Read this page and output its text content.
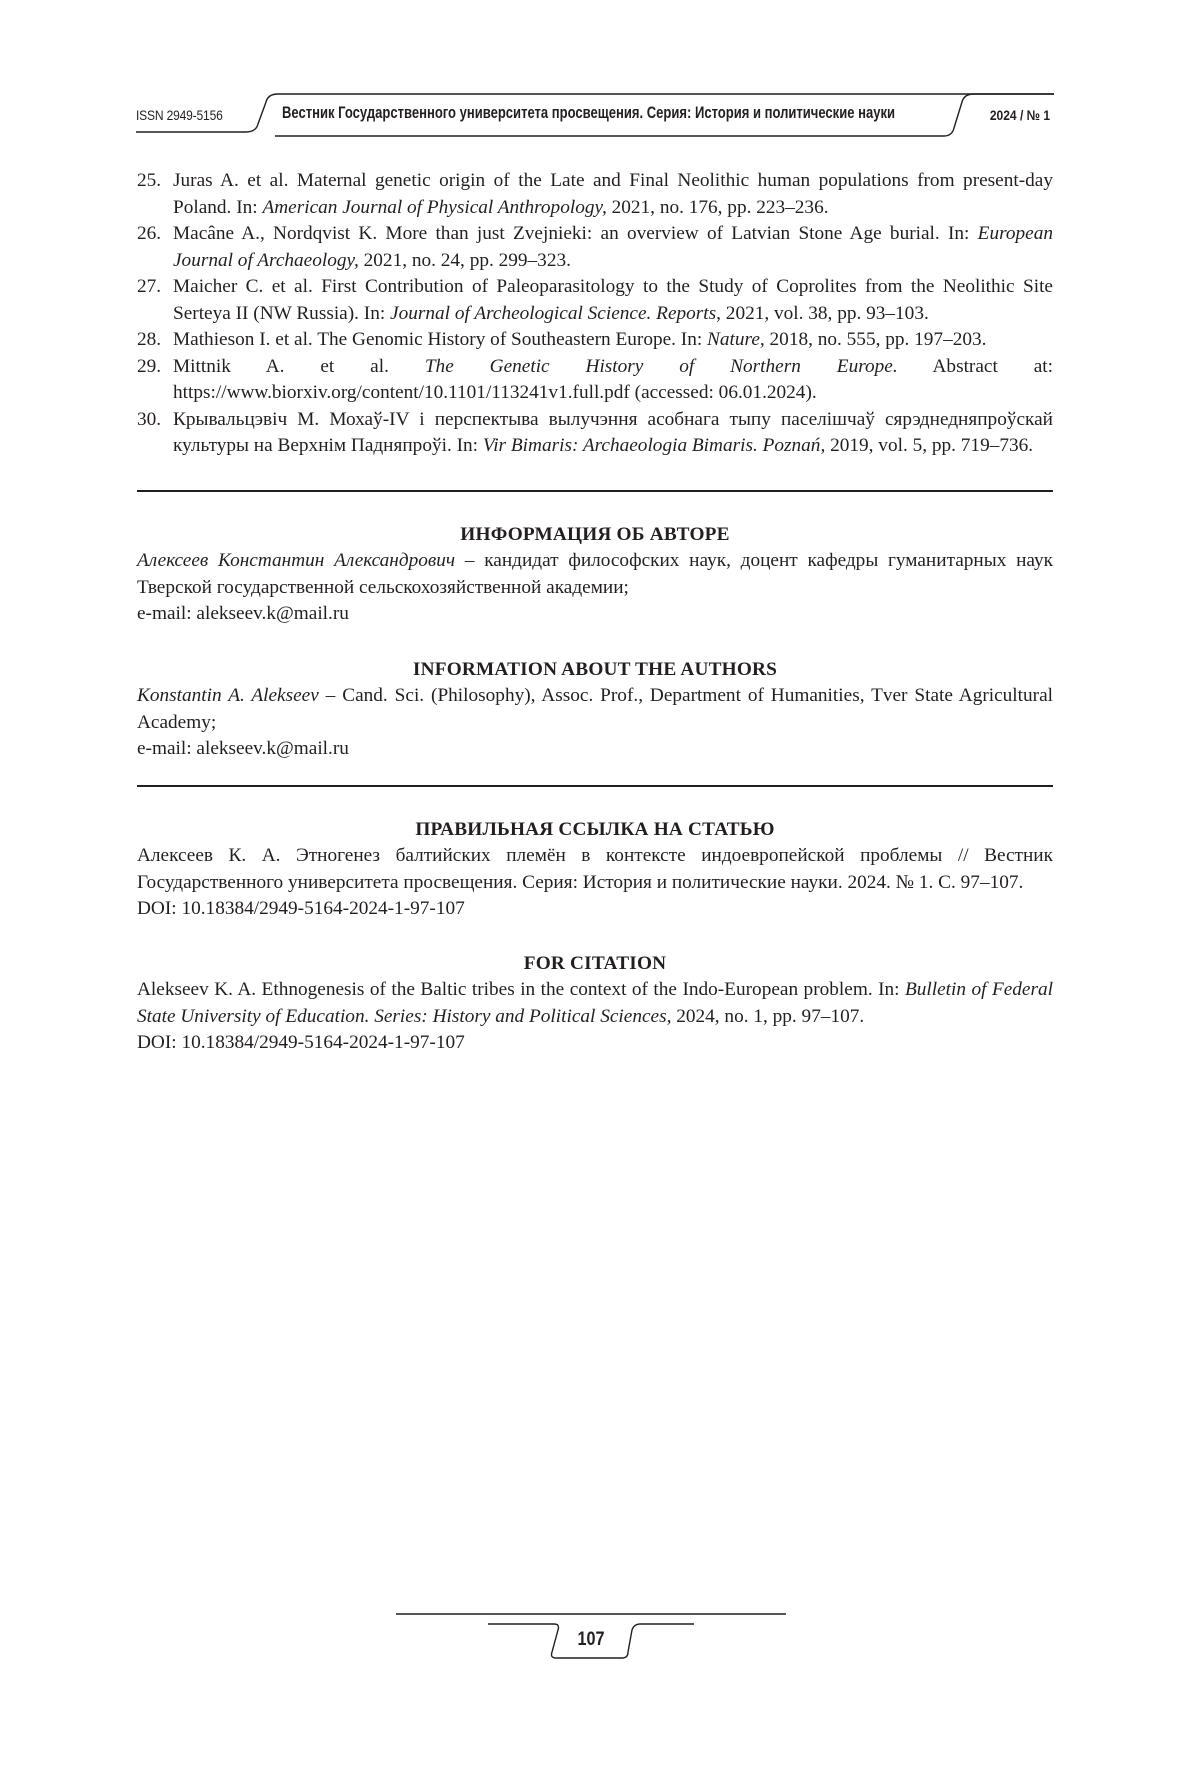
ISSN 2949-5156	Вестник Государственного университета просвещения. Серия: История и политические науки	2024 / № 1
25. Juras A. et al. Maternal genetic origin of the Late and Final Neolithic human populations from present-day Poland. In: American Journal of Physical Anthropology, 2021, no. 176, pp. 223–236.
26. Macâne A., Nordqvist K. More than just Zvejnieki: an overview of Latvian Stone Age burial. In: European Journal of Archaeology, 2021, no. 24, pp. 299–323.
27. Maicher C. et al. First Contribution of Paleoparasitology to the Study of Coprolites from the Neolithic Site Serteya II (NW Russia). In: Journal of Archeological Science. Reports, 2021, vol. 38, pp. 93–103.
28. Mathieson I. et al. The Genomic History of Southeastern Europe. In: Nature, 2018, no. 555, pp. 197–203.
29. Mittnik A. et al. The Genetic History of Northern Europe. Abstract at: https://www.biorxiv.org/content/10.1101/113241v1.full.pdf (accessed: 06.01.2024).
30. Крывальцэвіч М. Мохаў-IV і перспектыва вылучэння асобнага тыпу паселішчаў сярэднедняпроўскай культуры на Верхнім Падняпроўі. In: Vir Bimaris: Archaeologia Bimaris. Poznań, 2019, vol. 5, pp. 719–736.
ИНФОРМАЦИЯ ОБ АВТОРЕ
Алексеев Константин Александрович – кандидат философских наук, доцент кафедры гуманитарных наук Тверской государственной сельскохозяйственной академии;
e-mail: alekseev.k@mail.ru
INFORMATION ABOUT THE AUTHORS
Konstantin A. Alekseev – Cand. Sci. (Philosophy), Assoc. Prof., Department of Humanities, Tver State Agricultural Academy;
e-mail: alekseev.k@mail.ru
ПРАВИЛЬНАЯ ССЫЛКА НА СТАТЬЮ
Алексеев К. А. Этногенез балтийских племён в контексте индоевропейской проблемы // Вестник Государственного университета просвещения. Серия: История и политические науки. 2024. № 1. С. 97–107.
DOI: 10.18384/2949-5164-2024-1-97-107
FOR CITATION
Alekseev K. A. Ethnogenesis of the Baltic tribes in the context of the Indo-European problem. In: Bulletin of Federal State University of Education. Series: History and Political Sciences, 2024, no. 1, pp. 97–107.
DOI: 10.18384/2949-5164-2024-1-97-107
107
